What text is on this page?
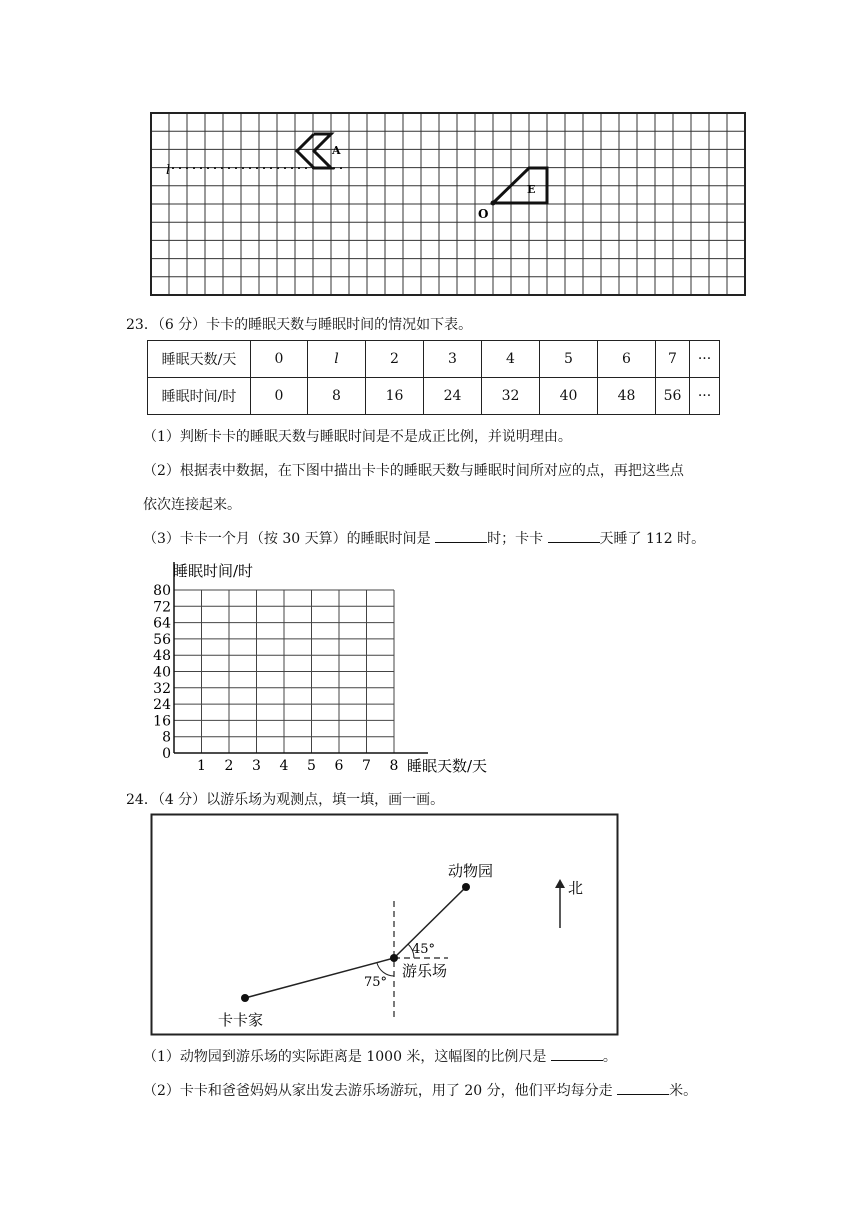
l
A
E
O
23．（6 分）卡卡的睡眠天数与睡眠时间的情况如下表。
睡眠天数/天	0	l	2	3	4	5	6	7	···
睡眠时间/时	0	8	16	24	32	40	48	56	···
（1）判断卡卡的睡眠天数与睡眠时间是不是成正比例，并说明理由。
（2）根据表中数据，在下图中描出卡卡的睡眠天数与睡眠时间所对应的点，再把这些点
依次连接起来。
（3）卡卡一个月（按 30 天算）的睡眠时间是	时；卡卡	天睡了 112 时。
睡眠时间/时
睡眠天数/天
1 2 3 4 5 6 7 8
80
72
64
56
48
40
32
24
16
8
0
24．（4 分）以游乐场为观测点，填一填，画一画。
动物园
游乐场
卡卡家
45°
75°
北
（1）动物园到游乐场的实际距离是 1000 米，这幅图的比例尺是	。
（2）卡卡和爸爸妈妈从家出发去游乐场游玩，用了 20 分，他们平均每分走	米。
